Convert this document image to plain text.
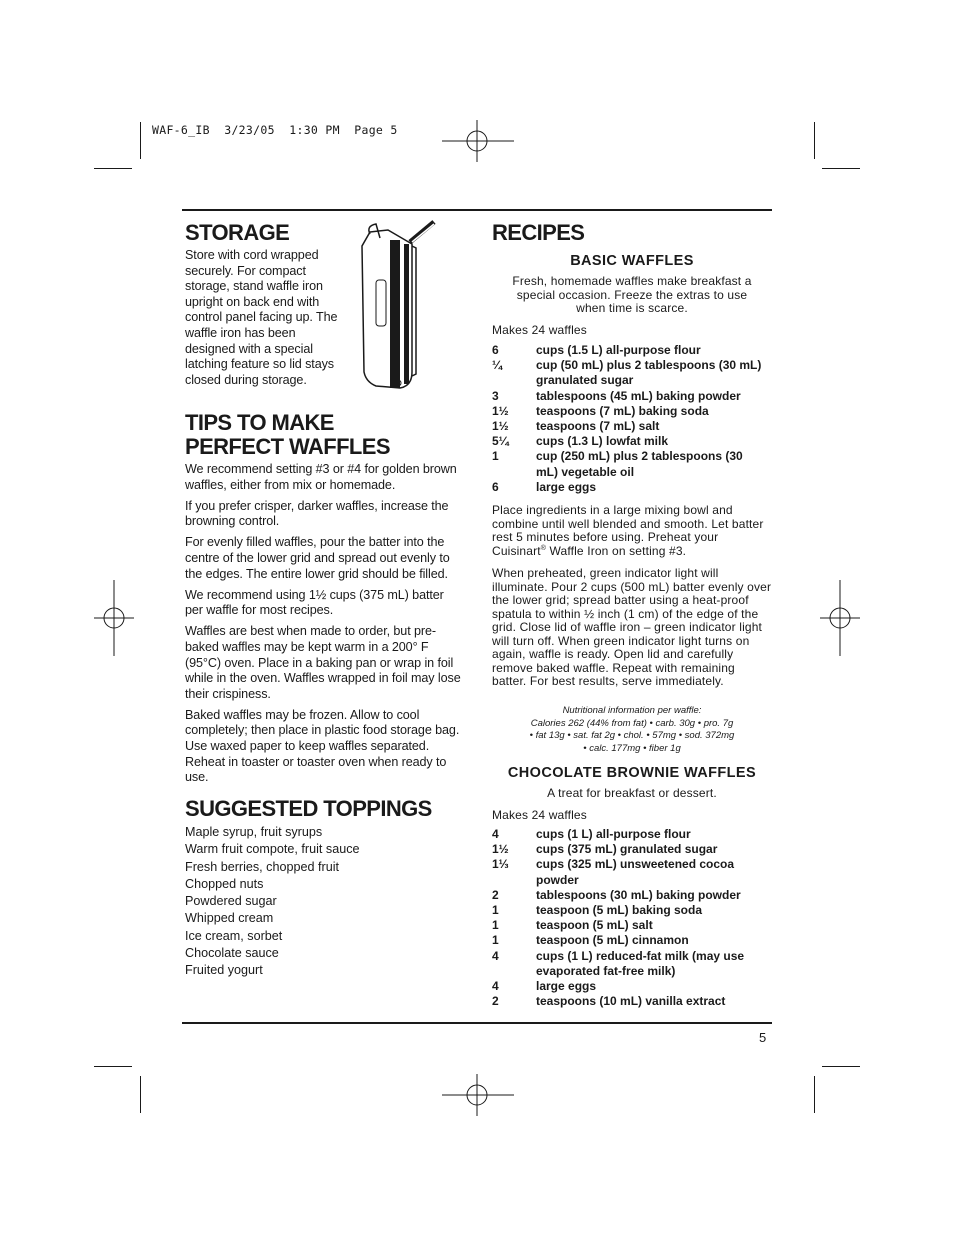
WAF-6_IB  3/23/05  1:30 PM  Page 5
STORAGE
Store with cord wrapped securely. For compact storage, stand waffle iron upright on back end with control panel facing up. The waffle iron has been designed with a special latching feature so lid stays closed during storage.
TIPS TO MAKE
PERFECT WAFFLES

We recommend setting #3 or #4 for golden brown waffles, either from mix or homemade.

If you prefer crisper, darker waffles, increase the browning control.

For evenly filled waffles, pour the batter into the centre of the lower grid and spread out evenly to the edges. The entire lower grid should be filled.

We recommend using 1½ cups (375 mL) batter per waffle for most recipes.

Waffles are best when made to order, but pre-baked waffles may be kept warm in a 200° F (95°C) oven. Place in a baking pan or wrap in foil while in the oven. Waffles wrapped in foil may lose their crispiness.

Baked waffles may be frozen. Allow to cool completely; then place in plastic food storage bag. Use waxed paper to keep waffles separated. Reheat in toaster or toaster oven when ready to use.

SUGGESTED TOPPINGS
Maple syrup, fruit syrups
Warm fruit compote, fruit sauce
Fresh berries, chopped fruit
Chopped nuts
Powdered sugar
Whipped cream
Ice cream, sorbet
Chocolate sauce
Fruited yogurt
RECIPES
BASIC WAFFLES
Fresh, homemade waffles make breakfast a special occasion. Freeze the extras to use when time is scarce.
Makes 24 waffles
6	cups (1.5 L) all-purpose flour
¼	cup (50 mL) plus 2 tablespoons (30 mL) granulated sugar
3	tablespoons (45 mL) baking powder
1½	teaspoons (7 mL) baking soda
1½	teaspoons (7 mL) salt
5¼	cups (1.3 L) lowfat milk
1	cup (250 mL) plus 2 tablespoons (30 mL) vegetable oil
6	large eggs
Place ingredients in a large mixing bowl and combine until well blended and smooth. Let batter rest 5 minutes before using. Preheat your Cuisinart® Waffle Iron on setting #3.
When preheated, green indicator light will illuminate. Pour 2 cups (500 mL) batter evenly over the lower grid; spread batter using a heat-proof spatula to within ½ inch (1 cm) of the edge of the grid. Close lid of waffle iron – green indicator light will turn off. When green indicator light turns on again, waffle is ready. Open lid and carefully remove baked waffle. Repeat with remaining batter. For best results, serve immediately.
Nutritional information per waffle:
Calories 262 (44% from fat) • carb. 30g • pro. 7g
• fat 13g • sat. fat 2g • chol. • 57mg • sod. 372mg
• calc. 177mg • fiber 1g
CHOCOLATE BROWNIE WAFFLES
A treat for breakfast or dessert.
Makes 24 waffles
4	cups (1 L) all-purpose flour
1½	cups (375 mL) granulated sugar
1⅓	cups (325 mL) unsweetened cocoa powder
2	tablespoons (30 mL) baking powder
1	teaspoon (5 mL) baking soda
1	teaspoon (5 mL) salt
1	teaspoon (5 mL) cinnamon
4	cups (1 L) reduced-fat milk (may use evaporated fat-free milk)
4	large eggs
2	teaspoons (10 mL) vanilla extract
5
